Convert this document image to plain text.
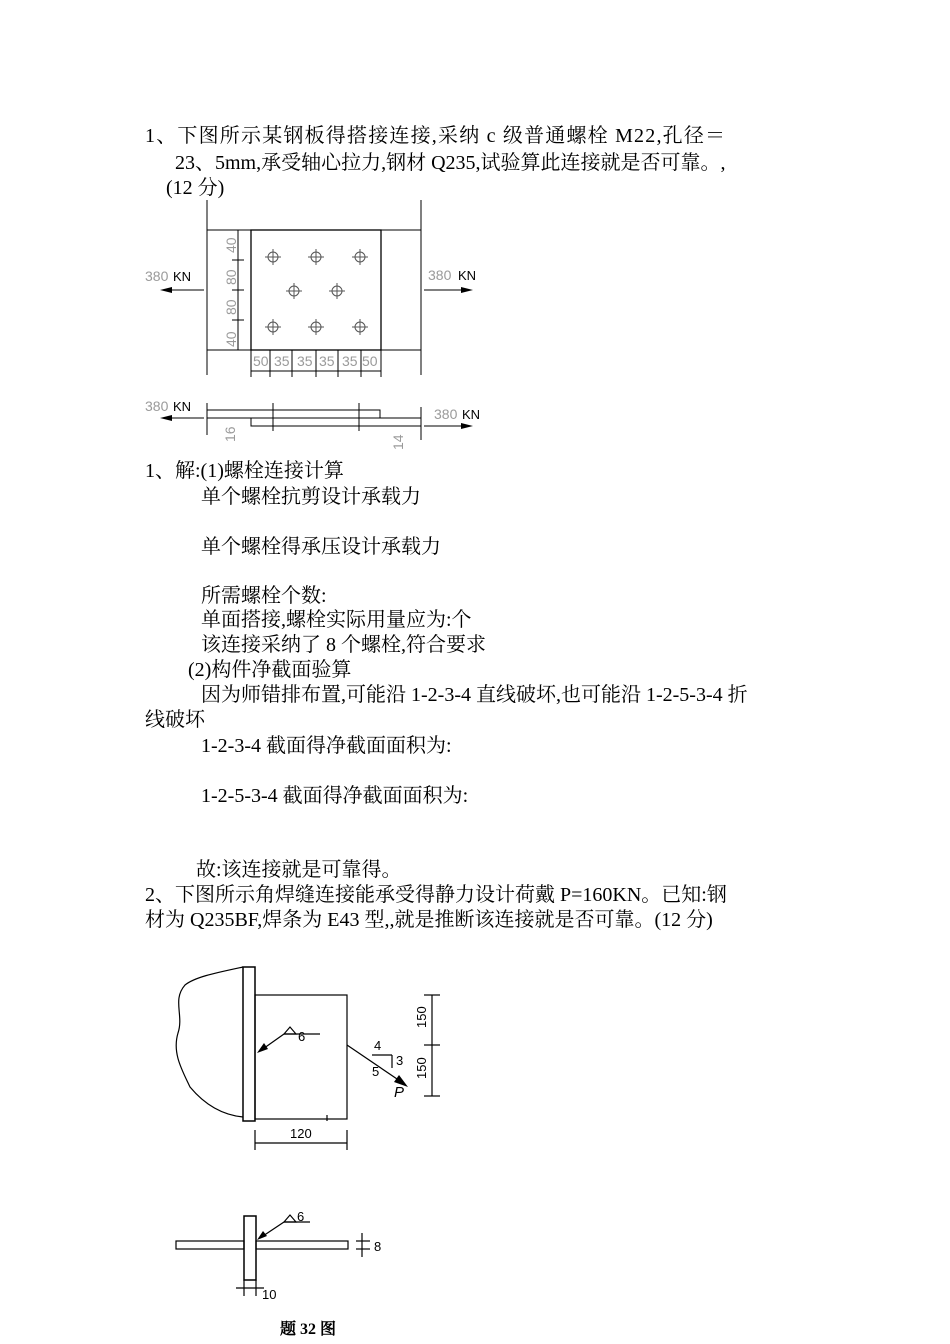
1、下图所示某钢板得搭接连接,采纳 c 级普通螺栓 M22,孔径＝
23、5mm,承受轴心拉力,钢材 Q235,试验算此连接就是否可靠。,
(12 分)
380	380
40
80
80
40
50 35 35 35 35 50
KN	KN
380	380
16
14
KN
KN
1、解:(1)螺栓连接计算
单个螺栓抗剪设计承载力
单个螺栓得承压设计承载力
所需螺栓个数:
单面搭接,螺栓实际用量应为:个
该连接采纳了 8 个螺栓,符合要求
(2)构件净截面验算
因为师错排布置,可能沿 1-2-3-4 直线破坏,也可能沿 1-2-5-3-4 折
线破坏
1-2-3-4 截面得净截面面积为:
1-2-5-3-4 截面得净截面面积为:
故:该连接就是可靠得。
2、下图所示角焊缝连接能承受得静力设计荷戴 P=160KN。已知:钢
材为 Q235BF,焊条为 E43 型,,就是推断该连接就是否可靠。(12 分)
6
150
150
4
3
5
P
120
6
8
10
题 32 图
